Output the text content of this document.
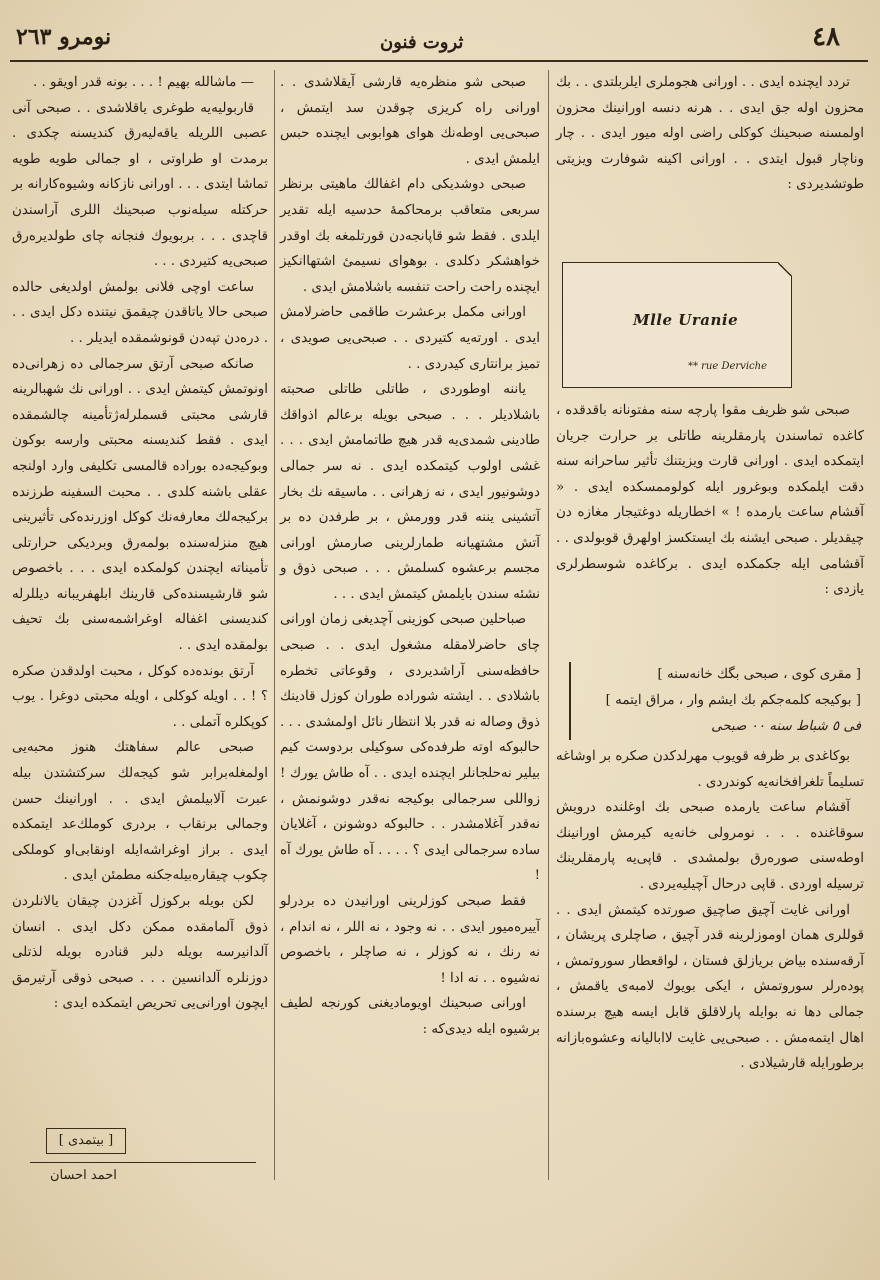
نومرو ٢٦٣	ثروت فنون	٤٨

تردد ایچنده ایدی . . اورانی هجوملری ایلربلتدی . . بك محزون اوله جق ایدی . . هرنه دنسه اورانینك محزون اولمسنه صبحینك کوکلی راضی اوله میور ایدی . . چار وناچار قبول ایتدی . . اورانی اکینه شوفارت ویزیتی طوتشدیردی :

Mlle Uranie
** rue Derviche

صبحی شو ظریف مقوا پارچه سنه مفتونانه باقدقده ، کاغده تماسندن پارمقلرینه طاتلی بر حرارت جریان ایتمکده ایدی . اورانی قارت ویزیتنك تأثیر ساحرانه سنه دقت ایلمکده وبوغرور ایله کولوممسکده ایدی . « آقشام ساعت یارمده ! » اخطاریله دوغتیجار مغازه دن چیقدیلر . صبحی ایشنه بك ایستکسز اولهرق قوبولدی . . آقشامی ایله جکمکده ایدی . برکاغده شوسطرلری یازدی :

[ مقری کوی ، صبحی بگك خانه‌سنه ]
[ بوکیجه کلمه‌جکم بك ایشم وار ، مراق ایتمه ]
فی ٥ شباط سنه ٠٠ صبحی

بوکاغدی بر ظرفه قویوب مهرلدکدن صکره بر اوشاغه تسلیماً تلغرافخانه‌یه کوندردی .

آقشام ساعت یارمده صبحی بك اوغلنده درویش سوقاغنده . . . نومرولی خانه‌یه کیرمش اورانینك اوطه‌سنی صوره‌رق بولمشدی . قاپی‌یه پارمقلرینك ترسیله اوردی . قاپی درحال آچیلیه‌یردی .

اورانی غایت آچیق صاچیق صورتده کیتمش ایدی . . قوللری همان اوموزلرینه قدر آچیق ، صاچلری پریشان ، آرقه‌سنده بیاض بریازلق فستان ، لواقعطار سوروتمش ، پوده‌رلر سوروتمش ، ایکی بویوك لامبه‌ی یاقمش ، جمالی دها نه بوایله پارلاقلق قابل ایسه هیچ برسنده اهال ایتمه‌مش . . صبحی‌یی غایت لاابالیانه وعشوه‌بازانه برطورایله قارشیلادی .

صبحی شو منظره‌یه قارشی آیقلاشدی . . اورانی راه کریزی چوقدن سد ایتمش ، صبحی‌یی اوطه‌نك هوای هوابوبی ایچنده حبس ایلمش ایدی .

صبحی دوشدیکی دام اغفالك ماهیتی برنظر سربعی متعاقب برمحاکمهٔ حدسیه ایله تقدیر ایلدی . فقط شو قاپانجه‌دن قورتلمغه بك اوقدر خواهشکر دکلدی . بوهوای نسیمیٔ اشتهاانکیز ایچنده راحت راحت تنفسه باشلامش ایدی .

اورانی مکمل برعشرت طاقمی حاضرلامش ایدی . اورته‌یه کتیردی . . صبحی‌یی صویدی ، تمیز برانتاری کیدردی . .

یاننه اوطوردی ، طاتلی طاتلی صحبته باشلادیلر . . . صبحی بویله برعالم اذواقك طادینی شمدی‌یه قدر هیچ طاتمامش ایدی . . . غشی اولوب کیتمکده ایدی . نه سر جمالی دوشونیور ایدی ، نه زهرانی . . ماسیقه نك بخار آتشینی یننه قدر وورمش ، بر طرفدن ده بر آتش مشتهیانه طمارلرینی صارمش اورانی مجسم برعشوه کسلمش . . . صبحی ذوق و نشئه سندن بایلمش کیتمش ایدی . . .

صباحلین صبحی کوزینی آچدیغی زمان اورانی چای حاضرلامقله مشغول ایدی . . صبحی حافظه‌سنی آراشدیردی ، وقوعاتی تخطره باشلادی . . ایشته شوراده طوران کوزل قادینك ذوق وصاله نه قدر بلا انتظار نائل اولمشدی . . . حالبوکه اوته طرفده‌کی سوکیلی بردوست کیم بیلیر نه‌حلجانلر ایچنده ایدی . . آه طاش یورك ! زواللی سرجمالی بوکیجه نه‌قدر دوشونمش ، نه‌قدر آغلامشدر . . حالبوکه دوشونن ، آغلایان ساده سرجمالی ایدی ؟ . . . . آه طاش یورك آه !

فقط صبحی کوزلرینی اورانیدن ده بردرلو آییره‌میور ایدی . . نه وجود ، نه اللر ، نه اندام ، نه رنك ، نه کوزلر ، نه صاچلر ، باخصوص نه‌شیوه . . نه ادا !

اورانی صبحینك اویومادیغنی کورنجه لطیف برشیوه ایله دیدی‌که :

— ماشالله بهیم ! . . . بونه قدر اویقو . .

قاربولیه‌یه طوغری یاقلاشدی . . صبحی آنی عصبی اللریله یاقه‌لیه‌رق کندیسنه چکدی . برمدت او طراوتی ، او جمالی طویه طویه تماشا ایتدی . . . اورانی نازکانه وشیوه‌کارانه بر حرکتله سیله‌نوب صبحینك اللری آراسندن قاچدی . . . بربویوك فنجانه چای طولدیره‌رق صبحی‌یه کتیردی . . .

ساعت اوچی فلانی بولمش اولدیغی حالده صبحی حالا یاتاقدن چیقمق نیتنده دکل ایدی . . . دره‌دن تپه‌دن قونوشمقده ایدیلر . .

صانکه صبحی آرتق سرجمالی ده زهرانی‌ده اونوتمش کیتمش ایدی . . اورانی نك شهبالرینه قارشی محبتی قسملرله‌ژتأمینه چالشمقده ایدی . فقط کندیسنه محبتی وارسه بوکون وبوکیجه‌ده بوراده قالمسی تکلیفی وارد اولنجه عقلی باشنه کلدی . . محبت السفینه طرزنده برکیجه‌لك معارفه‌نك کوکل اوزرنده‌کی تأثیرینی هیچ منزله‌سنده بولمه‌رق وبردیکی حرارتلی تأمیناته ایچندن کولمکده ایدی . . . باخصوص شو قارشیسنده‌کی قارینك ابلهفریبانه دیللرله کندیسنی اغفاله اوغراشمه‌سنی بك تحیف بولمقده ایدی . .

آرتق بونده‌ده کوکل ، محبت اولدقدن صکره ؟ ! . . اویله کوکلی ، اویله محبتی دوغرا . یوب کوپکلره آتملی . .

صبحی عالم سفاهتك هنوز محبه‌یی اولمغله‌برابر شو کیجه‌لك سرکتشتدن بیله عبرت آلابیلمش ایدی . . اورانینك حسن وجمالی برنقاب ، بردری کوملك‌عد ایتمکده ایدی . براز اوغراشه‌ایله اونقابی‌او کوملکی چکوب چیقاره‌بیله‌جکنه مطمئن ایدی .

لکن بویله برکوزل آغزدن چیقان یالانلردن ذوق آلمامقده ممکن دکل ایدی . انسان آلدانیرسه بویله دلبر قنادره بویله لذتلی دوزنلره آلدانسین . . . صبحی ذوقی آرتیرمق ایچون اورانی‌یی تحریص ایتمکده ایدی :

[ بیتمدی ]
احمد احسان
